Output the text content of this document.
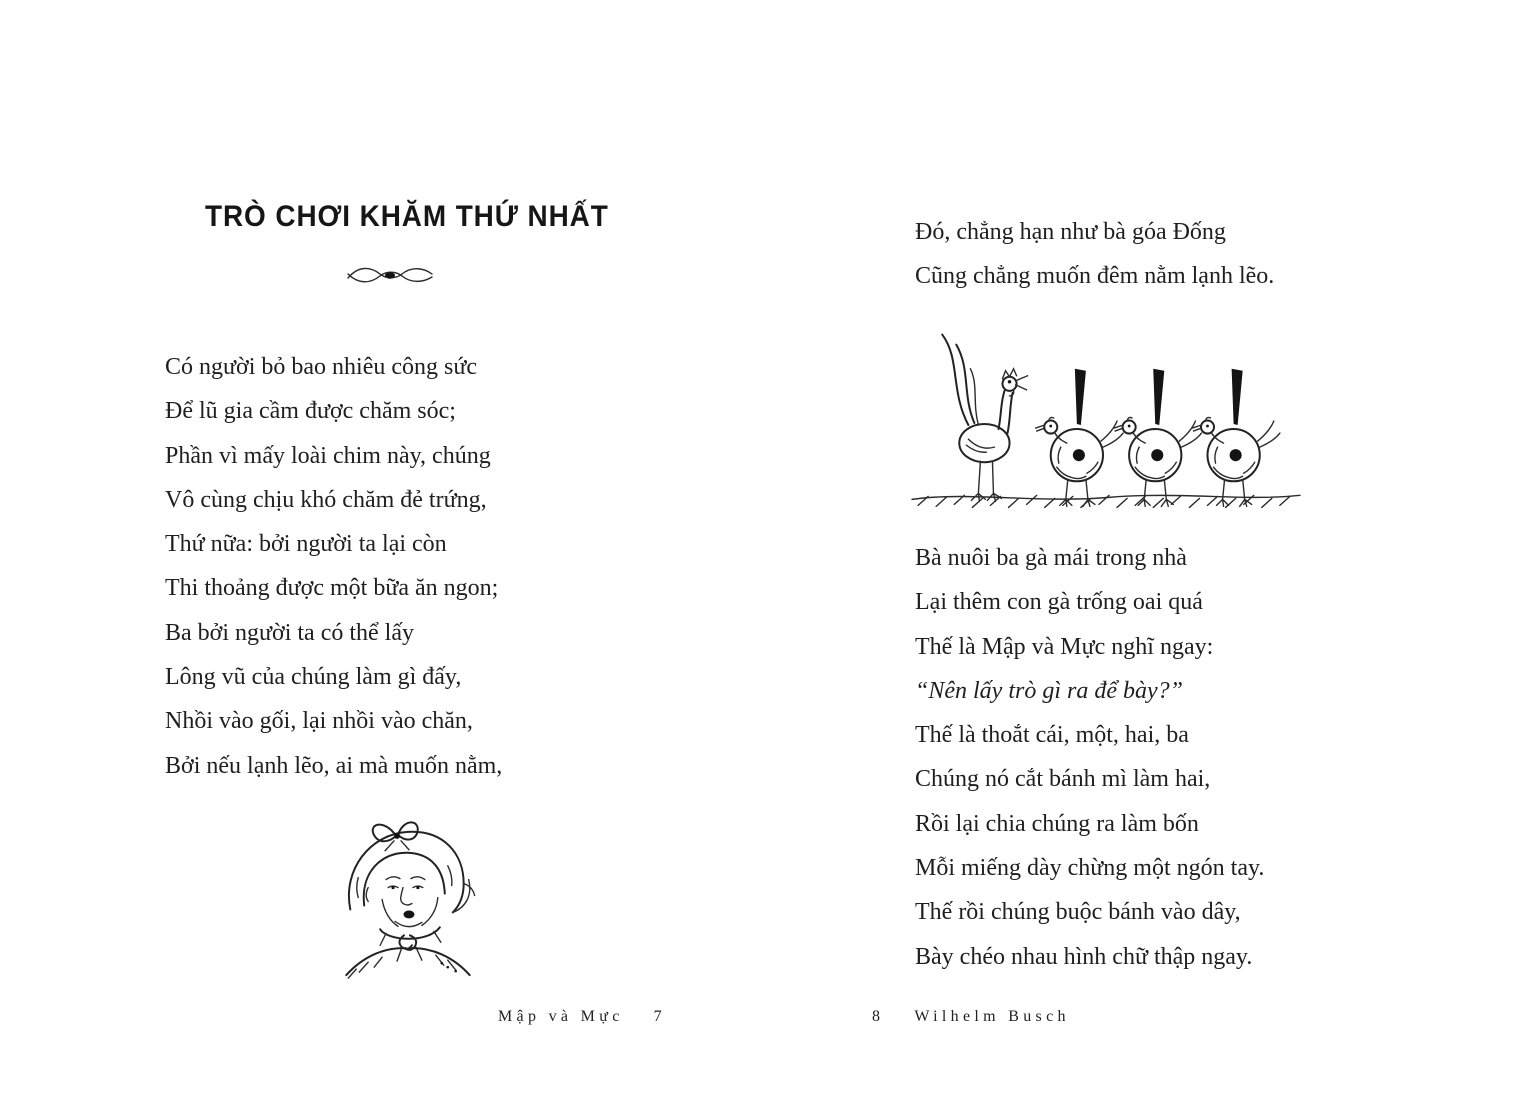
TRÒ CHƠI KHĂM THỨ NHẤT

Có người bỏ bao nhiêu công sức

Để lũ gia cầm được chăm sóc;

Phần vì mấy loài chim này, chúng

Vô cùng chịu khó chăm đẻ trứng,

Thứ nữa: bởi người ta lại còn

Thi thoảng được một bữa ăn ngon;

Ba bởi người ta có thể lấy

Lông vũ của chúng làm gì đấy,

Nhồi vào gối, lại nhồi vào chăn,

Bởi nếu lạnh lẽo, ai mà muốn nằm,

Mập và Mực 7

Đó, chẳng hạn như bà góa Đống

Cũng chẳng muốn đêm nằm lạnh lẽo.

Bà nuôi ba gà mái trong nhà

Lại thêm con gà trống oai quá

Thế là Mập và Mực nghĩ ngay:

“Nên lấy trò gì ra để bày?”

Thế là thoắt cái, một, hai, ba

Chúng nó cắt bánh mì làm hai,

Rồi lại chia chúng ra làm bốn

Mỗi miếng dày chừng một ngón tay.

Thế rồi chúng buộc bánh vào dây,

Bày chéo nhau hình chữ thập ngay.

8 Wilhelm Busch
